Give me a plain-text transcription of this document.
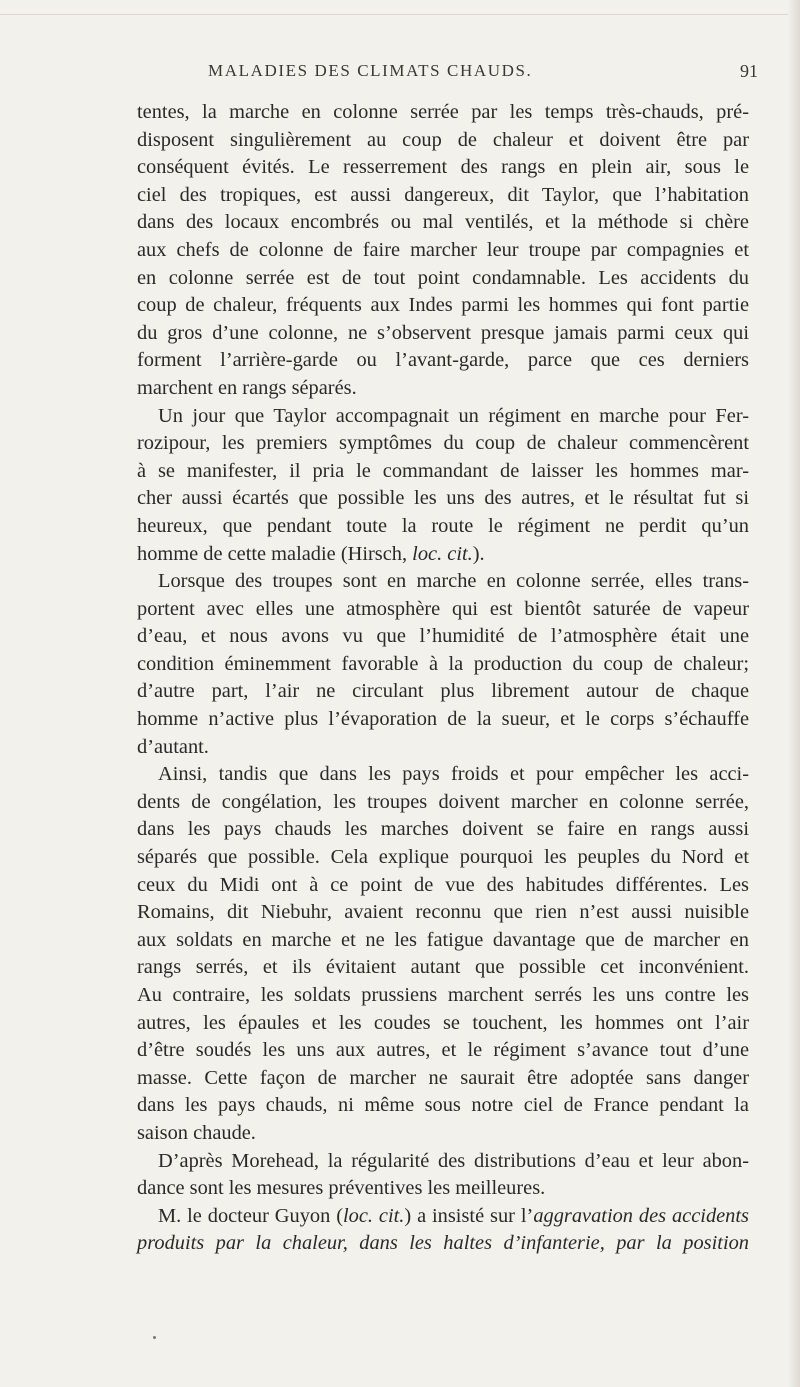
MALADIES DES CLIMATS CHAUDS.	91

tentes, la marche en colonne serrée par les temps très-chauds, pré-
disposent singulièrement au coup de chaleur et doivent être par
conséquent évités. Le resserrement des rangs en plein air, sous le
ciel des tropiques, est aussi dangereux, dit Taylor, que l’habitation
dans des locaux encombrés ou mal ventilés, et la méthode si chère
aux chefs de colonne de faire marcher leur troupe par compagnies et
en colonne serrée est de tout point condamnable. Les accidents du
coup de chaleur, fréquents aux Indes parmi les hommes qui font partie
du gros d’une colonne, ne s’observent presque jamais parmi ceux qui
forment l’arrière-garde ou l’avant-garde, parce que ces derniers
marchent en rangs séparés.

Un jour que Taylor accompagnait un régiment en marche pour Fer-
rozipour, les premiers symptômes du coup de chaleur commencèrent
à se manifester, il pria le commandant de laisser les hommes mar-
cher aussi écartés que possible les uns des autres, et le résultat fut si
heureux, que pendant toute la route le régiment ne perdit qu’un
homme de cette maladie (Hirsch, loc. cit.).

Lorsque des troupes sont en marche en colonne serrée, elles trans-
portent avec elles une atmosphère qui est bientôt saturée de vapeur
d’eau, et nous avons vu que l’humidité de l’atmosphère était une
condition éminemment favorable à la production du coup de chaleur;
d’autre part, l’air ne circulant plus librement autour de chaque
homme n’active plus l’évaporation de la sueur, et le corps s’échauffe
d’autant.

Ainsi, tandis que dans les pays froids et pour empêcher les acci-
dents de congélation, les troupes doivent marcher en colonne serrée,
dans les pays chauds les marches doivent se faire en rangs aussi
séparés que possible. Cela explique pourquoi les peuples du Nord et
ceux du Midi ont à ce point de vue des habitudes différentes. Les
Romains, dit Niebuhr, avaient reconnu que rien n’est aussi nuisible
aux soldats en marche et ne les fatigue davantage que de marcher en
rangs serrés, et ils évitaient autant que possible cet inconvénient.
Au contraire, les soldats prussiens marchent serrés les uns contre les
autres, les épaules et les coudes se touchent, les hommes ont l’air
d’être soudés les uns aux autres, et le régiment s’avance tout d’une
masse. Cette façon de marcher ne saurait être adoptée sans danger
dans les pays chauds, ni même sous notre ciel de France pendant la
saison chaude.

D’après Morehead, la régularité des distributions d’eau et leur abon-
dance sont les mesures préventives les meilleures.

M. le docteur Guyon (loc. cit.) a insisté sur l’aggravation des accidents
produits par la chaleur, dans les haltes d’infanterie, par la position
